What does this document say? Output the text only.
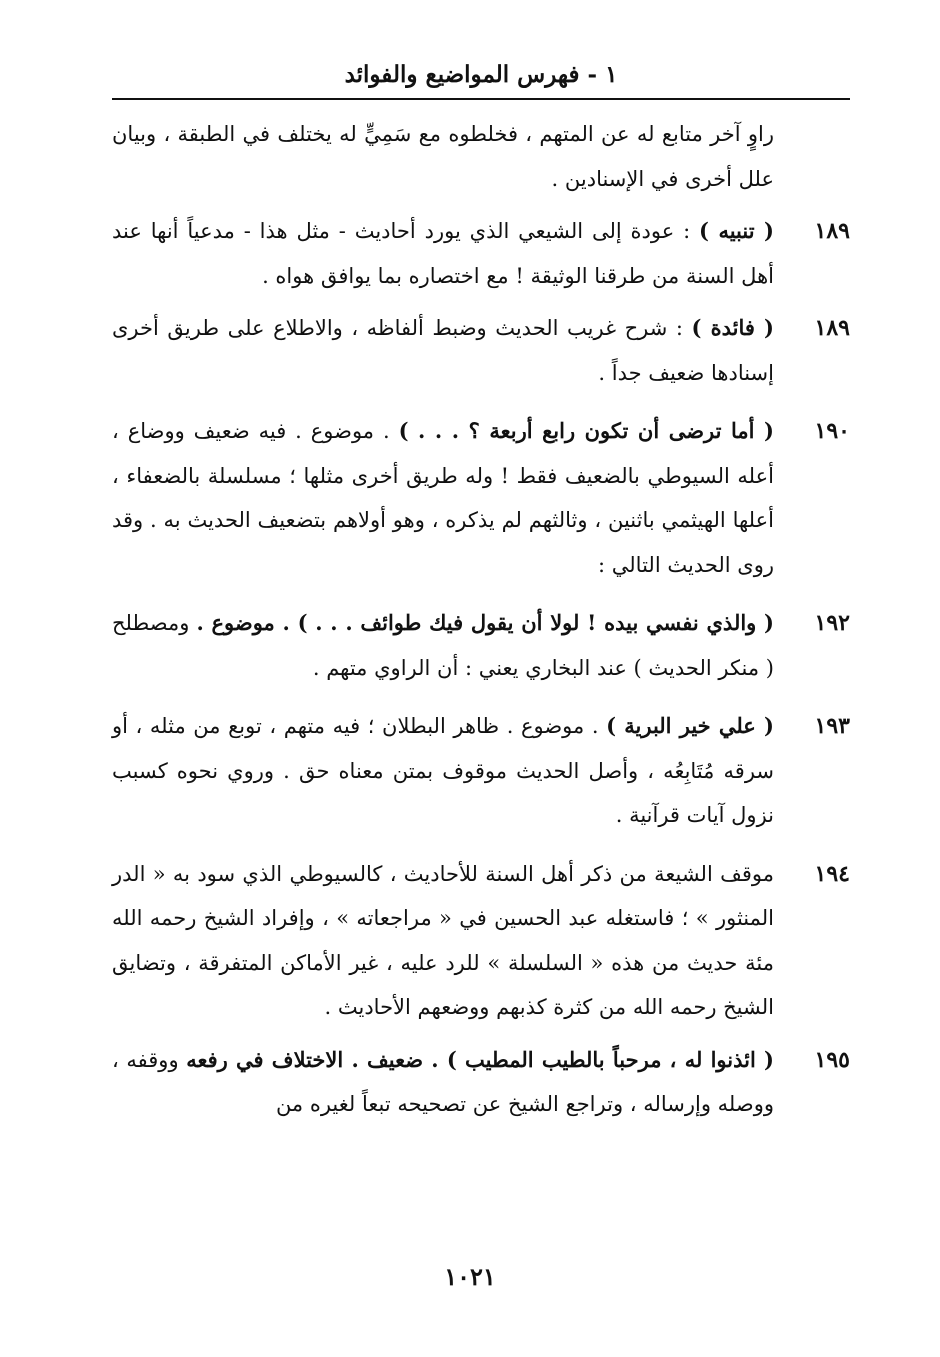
١ - فهرس المواضيع والفوائد
راوٍ آخر متابع له عن المتهم ، فخلطوه مع سَمِيٍّ له يختلف في الطبقة ، وبيان علل أخرى في الإسنادين .
١٨٩
( تنبيه ) : عودة إلى الشيعي الذي يورد أحاديث - مثل هذا - مدعياً أنها عند أهل السنة من طرقنا الوثيقة ! مع اختصاره بما يوافق هواه .
١٨٩
( فائدة ) : شرح غريب الحديث وضبط ألفاظه ، والاطلاع على طريق أخرى إسنادها ضعيف جداً .
١٩٠
( أما ترضى أن تكون رابع أربعة ؟ . . . ) . موضوع . فيه ضعيف ووضاع ، أعله السيوطي بالضعيف فقط ! وله طريق أخرى مثلها ؛ مسلسلة بالضعفاء ، أعلها الهيثمي باثنين ، وثالثهم لم يذكره ، وهو أولاهم بتضعيف الحديث به . وقد روى الحديث التالي :
١٩٢
( والذي نفسي بيده ! لولا أن يقول فيك طوائف . . . ) . موضوع . ومصطلح ( منكر الحديث ) عند البخاري يعني : أن الراوي متهم .
١٩٣
( علي خير البرية ) . موضوع . ظاهر البطلان ؛ فيه متهم ، توبع من مثله ، أو سرقه مُتَابِعُه ، وأصل الحديث موقوف بمتن معناه حق . وروي نحوه كسبب نزول آيات قرآنية .
١٩٤
موقف الشيعة من ذكر أهل السنة للأحاديث ، كالسيوطي الذي سود به « الدر المنثور » ؛ فاستغله عبد الحسين في « مراجعاته » ، وإفراد الشيخ رحمه الله مئة حديث من هذه « السلسلة » للرد عليه ، غير الأماكن المتفرقة ، وتضايق الشيخ رحمه الله من كثرة كذبهم ووضعهم الأحاديث .
١٩٥
( ائذنوا له ، مرحباً بالطيب المطيب ) . ضعيف . الاختلاف في رفعه ووقفه ، ووصله وإرساله ، وتراجع الشيخ عن تصحيحه تبعاً لغيره من
١٠٢١
